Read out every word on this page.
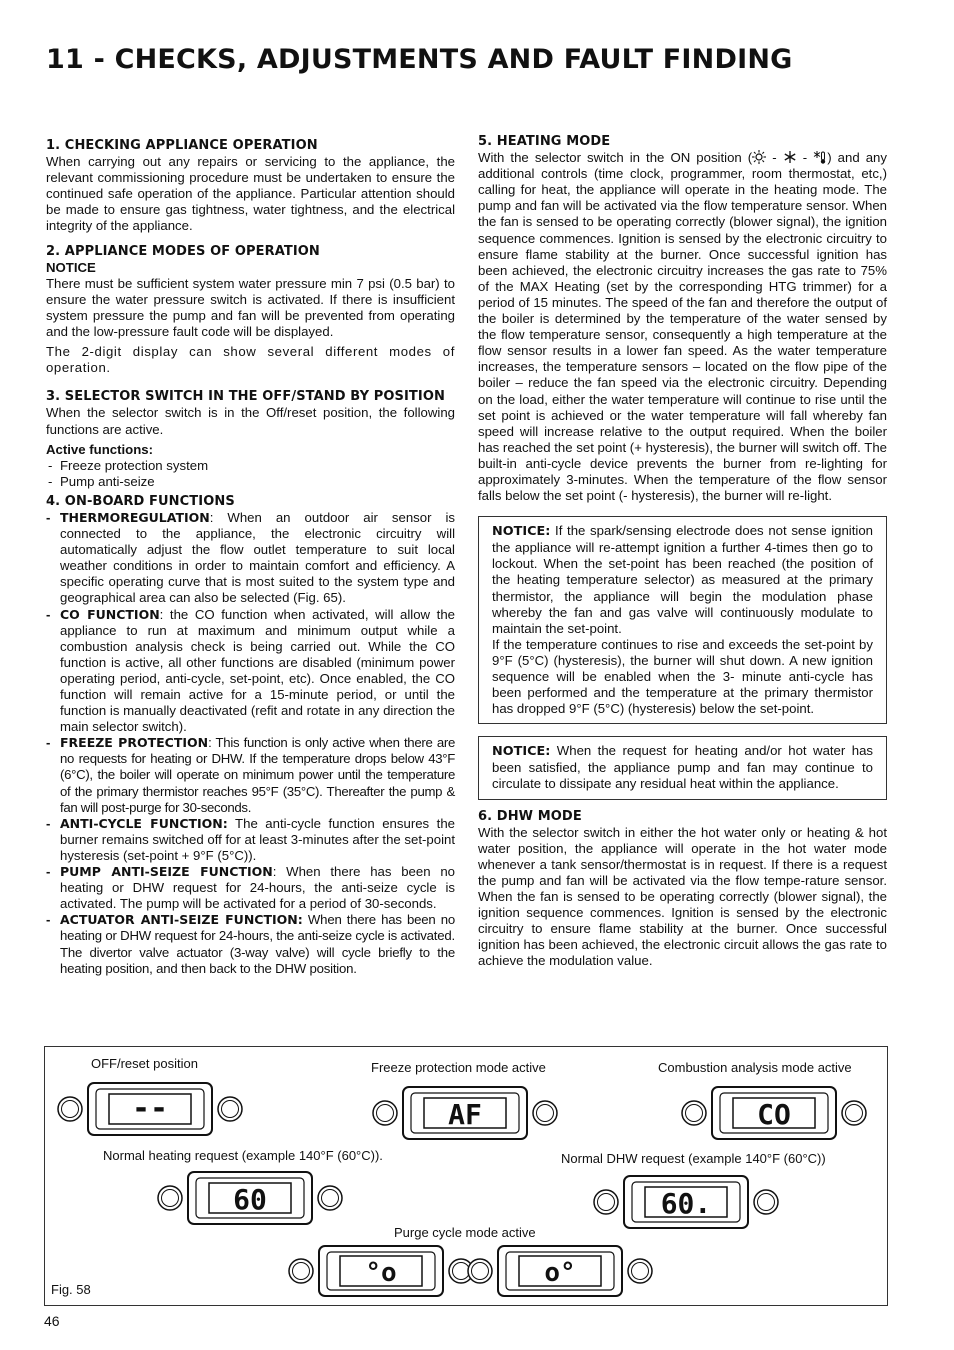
11 - CHECKS, ADJUSTMENTS AND FAULT FINDING
1. CHECKING APPLIANCE OPERATION

When carrying out any repairs or servicing to the appliance, the relevant commissioning procedure must be undertaken to ensure the continued safe operation of the appliance. Particular attention should be made to ensure gas tightness, water tightness, and the electrical integrity of the appliance.

2. APPLIANCE MODES OF OPERATION

NOTICE

There must be sufficient system water pressure min 7 psi (0.5 bar) to ensure the water pressure switch is activated. If there is insufficient system pressure the pump and fan will be prevented from operating and the low-pressure fault code will be displayed.

The 2-digit display can show several different modes of operation.

3. SELECTOR SWITCH IN THE OFF/STAND BY POSITION

When the selector switch is in the Off/reset position, the following functions are active.

Active functions:

- Freeze protection system
- Pump anti-seize
4. ON-BOARD FUNCTIONS
- THERMOREGULATION: When an outdoor air sensor is connected to the appliance, the electronic circuitry will automatically adjust the flow outlet temperature to suit local weather conditions in order to maintain comfort and efficiency. A specific operating curve that is most suited to the system type and geographical area can also be selected (Fig. 65).
- CO FUNCTION: the CO function when activated, will allow the appliance to run at maximum and minimum output while a combustion analysis check is being carried out. While the CO function is active, all other functions are disabled (minimum power operating period, anti-cycle, set-point, etc). Once enabled, the CO function will remain active for a 15-minute period, or until the function is manually deactivated (refit and rotate in any direction the main selector switch).
- FREEZE PROTECTION: This function is only active when there are no requests for heating or DHW. If the temperature drops below 43°F (6°C), the boiler will operate on minimum power until the temperature of the primary thermistor reaches 95°F (35°C). Thereafter the pump & fan will post-purge for 30-seconds.
- ANTI-CYCLE FUNCTION: The anti-cycle function ensures the burner remains switched off for at least 3-minutes after the set-point hysteresis (set-point + 9°F (5°C)).
- PUMP ANTI-SEIZE FUNCTION: When there has been no heating or DHW request for 24-hours, the anti-seize cycle is activated. The pump will be activated for a period of 30-seconds.
- ACTUATOR ANTI-SEIZE FUNCTION: When there has been no heating or DHW request for 24-hours, the anti-seize cycle is activated. The divertor valve actuator (3-way valve) will cycle briefly to the heating position, and then back to the DHW position.
5. HEATING MODE

With the selector switch in the ON position ( -  - ) and any additional controls (time clock, programmer, room thermostat, etc,) calling for heat, the appliance will operate in the heating mode. The pump and fan will be activated via the flow temperature sensor. When the fan is sensed to be operating correctly (blower signal), the ignition sequence commences. Ignition is sensed by the electronic circuitry to ensure flame stability at the burner. Once successful ignition has been achieved, the electronic circuitry increases the gas rate to 75% of the MAX Heating (set by the corresponding HTG trimmer) for a period of 15 minutes. The speed of the fan and therefore the output of the boiler is determined by the temperature of the water sensed by the flow temperature sensor, consequently a high temperature at the flow sensor results in a lower fan speed. As the water temperature increases, the temperature sensors – located on the flow pipe of the boiler – reduce the fan speed via the electronic circuitry. Depending on the load, either the water temperature will continue to rise until the set point is achieved or the water temperature will fall whereby fan speed will increase relative to the output required. When the boiler has reached the set point (+ hysteresis), the burner will switch off. The built-in anti-cycle device prevents the burner from re-lighting for approximately 3-minutes. When the temperature of the flow sensor falls below the set point (- hysteresis), the burner will re-light.

NOTICE: If the spark/sensing electrode does not sense ignition the appliance will re-attempt ignition a further 4-times then go to lockout. When the set-point has been reached (the position of the heating temperature selector) as measured at the primary thermistor, the appliance will begin the modulation phase whereby the fan and gas valve will continuously modulate to maintain the set-point.

If the temperature continues to rise and exceeds the set-point by 9°F (5°C) (hysteresis), the burner will shut down. A new ignition sequence will be enabled when the 3- minute anti-cycle has been performed and the temperature at the primary thermistor has dropped 9°F (5°C) (hysteresis) below the set-point.

NOTICE: When the request for heating and/or hot water has been satisfied, the appliance pump and fan may continue to circulate to dissipate any residual heat within the appliance.

6. DHW MODE

With the selector switch in either the hot water only or heating & hot water position, the appliance will operate in the hot water mode whenever a tank sensor/thermostat is in request. If there is a request the pump and fan will be activated via the flow tempe-rature sensor. When the fan is sensed to be operating correctly (blower signal), the ignition sequence commences. Ignition is sensed by the electronic circuitry to ensure flame stability at the burner. Once successful ignition has been achieved, the electronic circuit allows the gas rate to achieve the modulation value.

OFF/reset position	Freeze protection mode active	Combustion analysis mode active
Normal heating request (example 140°F (60°C)).	Normal DHW request (example 140°F (60°C))
Purge cycle mode active
Fig. 58
--	AF	CO
60	60.
°o	o°
46
